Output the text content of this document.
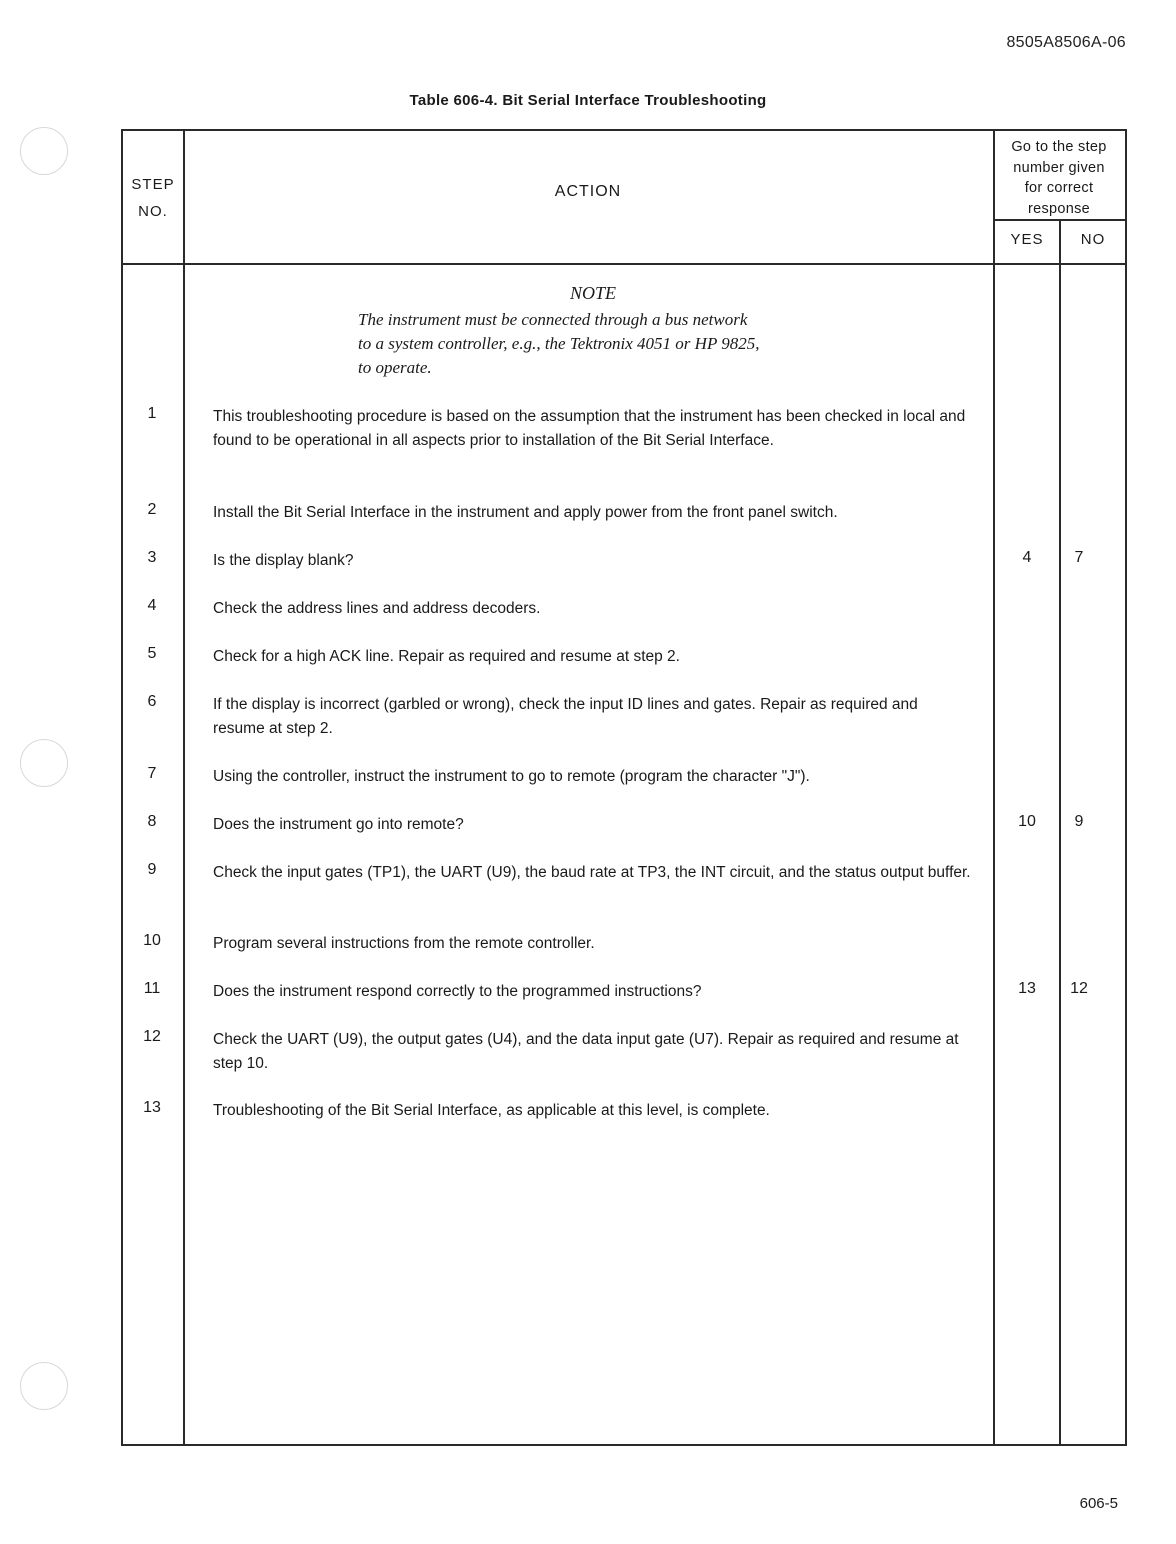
8505A8506A-06
Table 606-4. Bit Serial Interface Troubleshooting
STEP
NO.
ACTION
Go to the step
number given
for correct
response
YES	NO
NOTE
The instrument must be connected through a bus network
to a system controller, e.g., the Tektronix 4051 or HP 9825,
to operate.
1	This troubleshooting procedure is based on the assumption that the instrument has been checked in local and found to be operational in all aspects prior to installation of the Bit Serial Interface.
2	Install the Bit Serial Interface in the instrument and apply power from the front panel switch.
3	Is the display blank?	4	7
4	Check the address lines and address decoders.
5	Check for a high ACK line. Repair as required and resume at step 2.
6	If the display is incorrect (garbled or wrong), check the input ID lines and gates. Repair as required and resume at step 2.
7	Using the controller, instruct the instrument to go to remote (program the character "J").
8	Does the instrument go into remote?	10	9
9	Check the input gates (TP1), the UART (U9), the baud rate at TP3, the INT circuit, and the status output buffer.
10	Program several instructions from the remote controller.
11	Does the instrument respond correctly to the programmed instructions?	13	12
12	Check the UART (U9), the output gates (U4), and the data input gate (U7). Repair as required and resume at step 10.
13	Troubleshooting of the Bit Serial Interface, as applicable at this level, is complete.
606-5
